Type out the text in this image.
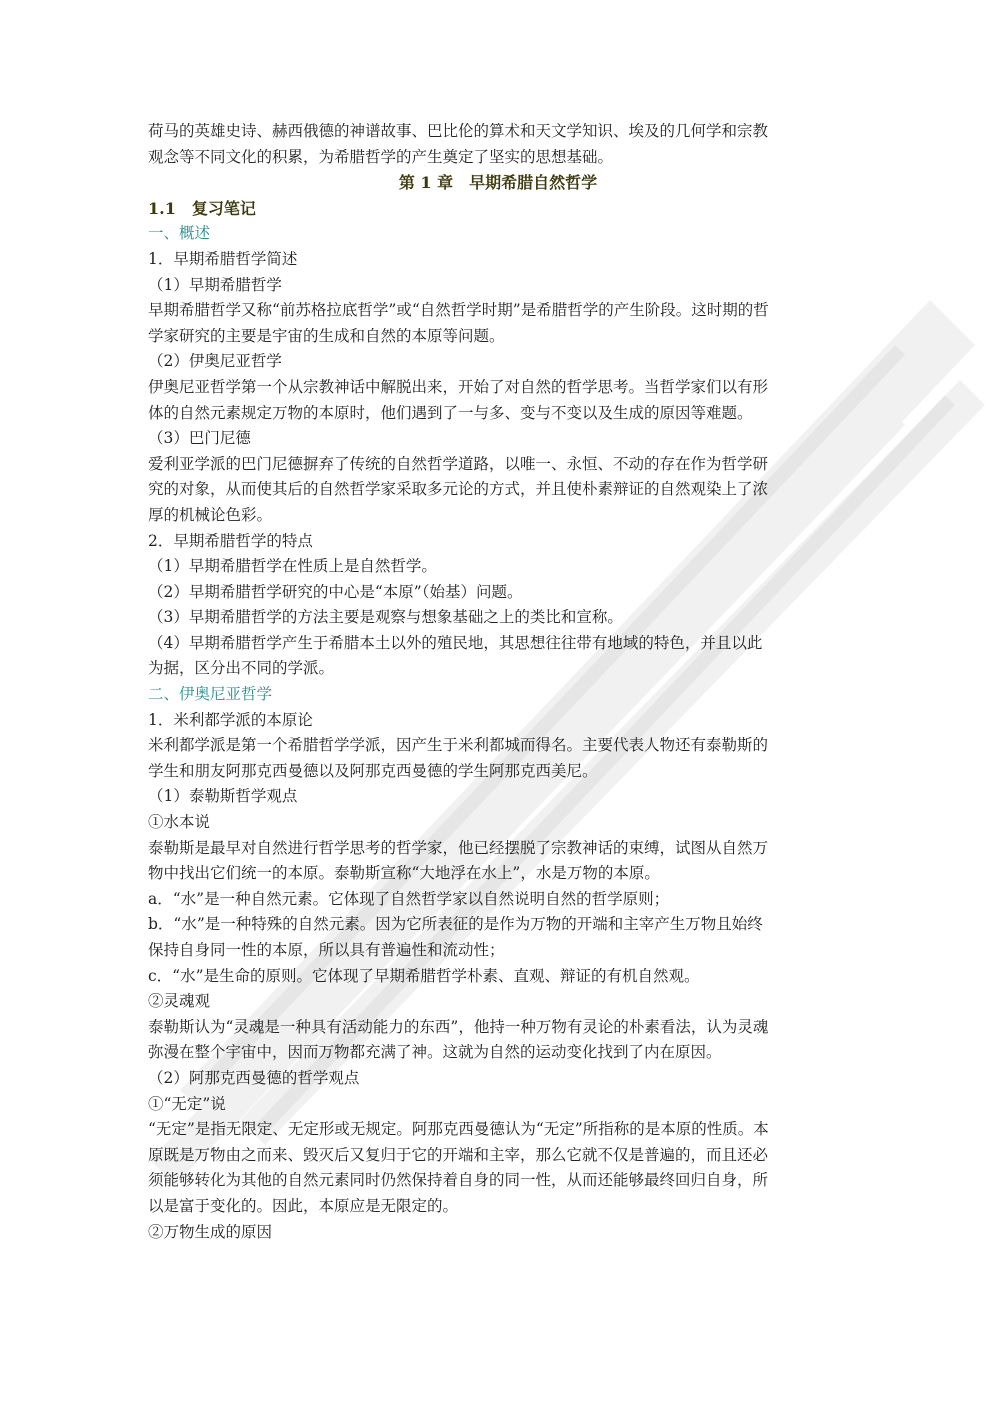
荷马的英雄史诗、赫西俄德的神谱故事、巴比伦的算术和天文学知识、埃及的几何学和宗教

观念等不同文化的积累，为希腊哲学的产生奠定了坚实的思想基础。

第 1 章　早期希腊自然哲学

1.1　复习笔记

一、概述

1．早期希腊哲学简述

（1）早期希腊哲学

早期希腊哲学又称“前苏格拉底哲学”或“自然哲学时期”是希腊哲学的产生阶段。这时期的哲

学家研究的主要是宇宙的生成和自然的本原等问题。

（2）伊奥尼亚哲学

伊奥尼亚哲学第一个从宗教神话中解脱出来，开始了对自然的哲学思考。当哲学家们以有形

体的自然元素规定万物的本原时，他们遇到了一与多、变与不变以及生成的原因等难题。

（3）巴门尼德

爱利亚学派的巴门尼德摒弃了传统的自然哲学道路，以唯一、永恒、不动的存在作为哲学研

究的对象，从而使其后的自然哲学家采取多元论的方式，并且使朴素辩证的自然观染上了浓

厚的机械论色彩。

2．早期希腊哲学的特点

（1）早期希腊哲学在性质上是自然哲学。

（2）早期希腊哲学研究的中心是“本原”（始基）问题。

（3）早期希腊哲学的方法主要是观察与想象基础之上的类比和宣称。

（4）早期希腊哲学产生于希腊本土以外的殖民地，其思想往往带有地域的特色，并且以此

为据，区分出不同的学派。

二、伊奥尼亚哲学

1．米利都学派的本原论

米利都学派是第一个希腊哲学学派，因产生于米利都城而得名。主要代表人物还有泰勒斯的

学生和朋友阿那克西曼德以及阿那克西曼德的学生阿那克西美尼。

（1）泰勒斯哲学观点

①水本说

泰勒斯是最早对自然进行哲学思考的哲学家，他已经摆脱了宗教神话的束缚，试图从自然万

物中找出它们统一的本原。泰勒斯宣称“大地浮在水上”，水是万物的本原。

a．“水”是一种自然元素。它体现了自然哲学家以自然说明自然的哲学原则；

b．“水”是一种特殊的自然元素。因为它所表征的是作为万物的开端和主宰产生万物且始终

保持自身同一性的本原，所以具有普遍性和流动性；

c．“水”是生命的原则。它体现了早期希腊哲学朴素、直观、辩证的有机自然观。

②灵魂观

泰勒斯认为“灵魂是一种具有活动能力的东西”，他持一种万物有灵论的朴素看法，认为灵魂

弥漫在整个宇宙中，因而万物都充满了神。这就为自然的运动变化找到了内在原因。

（2）阿那克西曼德的哲学观点

①“无定”说

“无定”是指无限定、无定形或无规定。阿那克西曼德认为“无定”所指称的是本原的性质。本

原既是万物由之而来、毁灭后又复归于它的开端和主宰，那么它就不仅是普遍的，而且还必

须能够转化为其他的自然元素同时仍然保持着自身的同一性，从而还能够最终回归自身，所

以是富于变化的。因此，本原应是无限定的。

②万物生成的原因
